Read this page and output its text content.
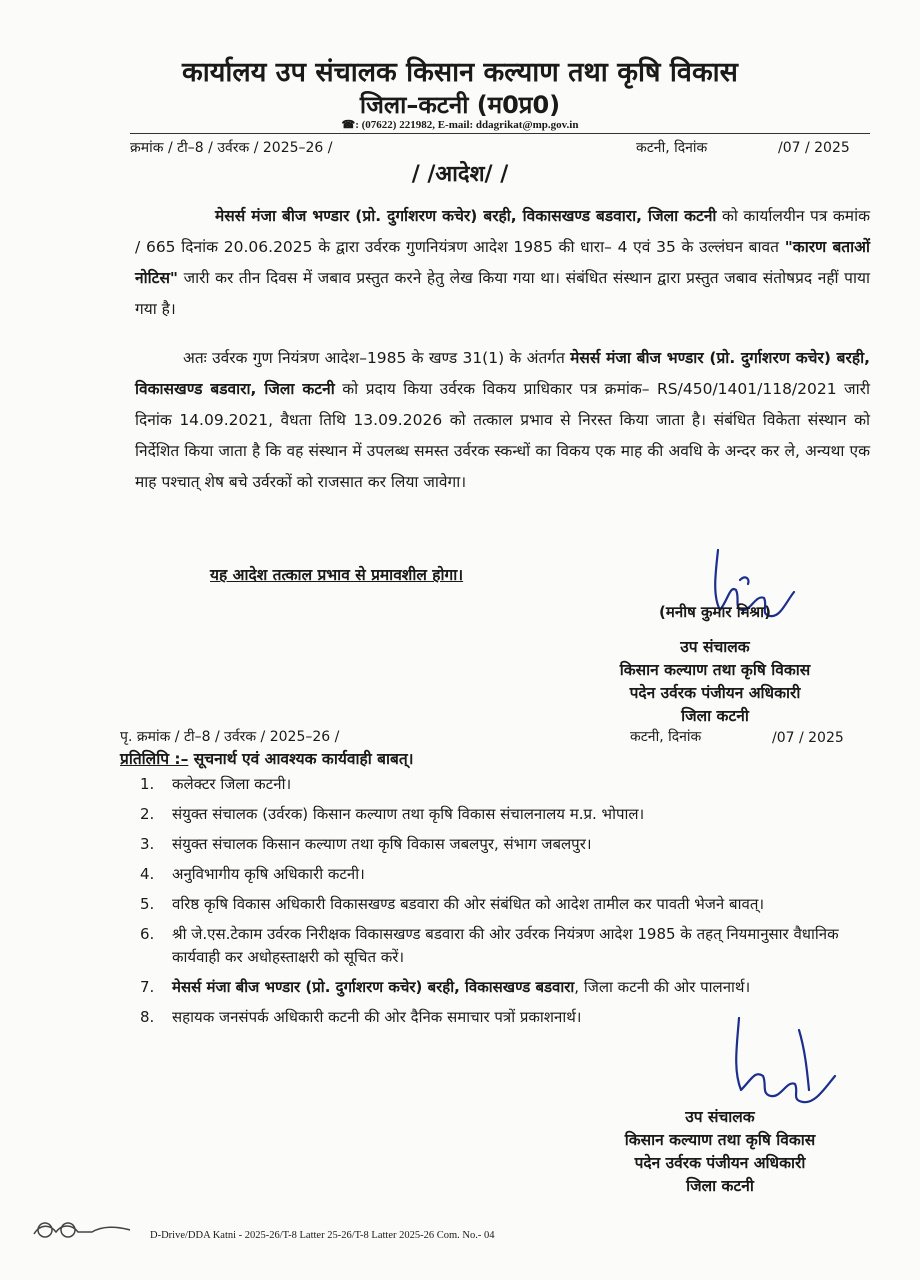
कार्यालय उप संचालक किसान कल्याण तथा कृषि विकास
जिला–कटनी (म0प्र0)
☎: (07622) 221982, E-mail: ddagrikat@mp.gov.in
क्रमांक / टी–8 / उर्वरक / 2025–26 /	कटनी, दिनांक	/07 / 2025
/ /आदेश/ /
मेसर्स मंजा बीज भण्डार (प्रो. दुर्गाशरण कचेर) बरही, विकासखण्ड बडवारा, जिला कटनी को कार्यालयीन पत्र कमांक / 665 दिनांक 20.06.2025 के द्वारा उर्वरक गुणनियंत्रण आदेश 1985 की धारा– 4 एवं 35 के उल्लंघन बावत "कारण बताओं नोटिस" जारी कर तीन दिवस में जबाव प्रस्तुत करने हेतु लेख किया गया था। संबंधित संस्थान द्वारा प्रस्तुत जबाव संतोषप्रद नहीं पाया गया है।
अतः उर्वरक गुण नियंत्रण आदेश–1985 के खण्ड 31(1) के अंतर्गत मेसर्स मंजा बीज भण्डार (प्रो. दुर्गाशरण कचेर) बरही, विकासखण्ड बडवारा, जिला कटनी को प्रदाय किया उर्वरक विकय प्राधिकार पत्र क्रमांक– RS/450/1401/118/2021 जारी दिनांक 14.09.2021, वैधता तिथि 13.09.2026 को तत्काल प्रभाव से निरस्त किया जाता है। संबंधित विकेता संस्थान को निर्देशित किया जाता है कि वह संस्थान में उपलब्ध समस्त उर्वरक स्कन्धों का विकय एक माह की अवधि के अन्दर कर ले, अन्यथा एक माह पश्चात् शेष बचे उर्वरकों को राजसात कर लिया जावेगा।
यह आदेश तत्काल प्रभाव से प्रमावशील होगा।
(मनीष कुमार मिश्रा)
उप संचालक
किसान कल्याण तथा कृषि विकास
पदेन उर्वरक पंजीयन अधिकारी
जिला कटनी
पृ. क्रमांक / टी–8 / उर्वरक / 2025–26 /	कटनी, दिनांक	/07 / 2025
प्रतिलिपि :– सूचनार्थ एवं आवश्यक कार्यवाही बाबत्।
1. कलेक्टर जिला कटनी।
2. संयुक्त संचालक (उर्वरक) किसान कल्याण तथा कृषि विकास संचालनालय म.प्र. भोपाल।
3. संयुक्त संचालक किसान कल्याण तथा कृषि विकास जबलपुर, संभाग जबलपुर।
4. अनुविभागीय कृषि अधिकारी कटनी।
5. वरिष्ठ कृषि विकास अधिकारी विकासखण्ड बडवारा की ओर संबंधित को आदेश तामील कर पावती भेजने बावत्।
6. श्री जे.एस.टेकाम उर्वरक निरीक्षक विकासखण्ड बडवारा की ओर उर्वरक नियंत्रण आदेश 1985 के तहत् नियमानुसार वैधानिक कार्यवाही कर अधोहस्ताक्षरी को सूचित करें।
7. मेसर्स मंजा बीज भण्डार (प्रो. दुर्गाशरण कचेर) बरही, विकासखण्ड बडवारा, जिला कटनी की ओर पालनार्थ।
8. सहायक जनसंपर्क अधिकारी कटनी की ओर दैनिक समाचार पत्रों प्रकाशनार्थ।
उप संचालक
किसान कल्याण तथा कृषि विकास
पदेन उर्वरक पंजीयन अधिकारी
जिला कटनी
D-Drive/DDA Katni - 2025-26/T-8 Latter 25-26/T-8 Latter 2025-26 Com. No.- 04
